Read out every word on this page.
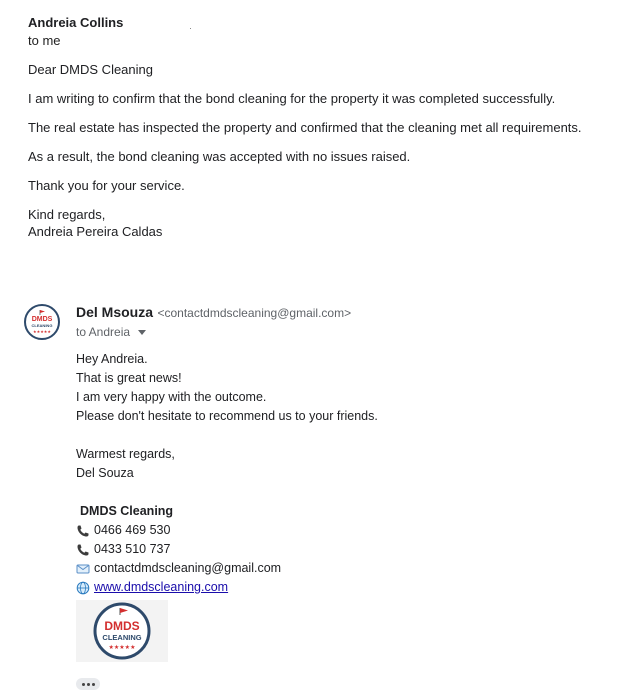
Andreia Collins
to me

Dear DMDS Cleaning

I am writing to confirm that the bond cleaning for the property it was completed successfully.

The real estate has inspected the property and confirmed that the cleaning met all requirements.

As a result, the bond cleaning was accepted with no issues raised.

Thank you for your service.

Kind regards,

Andreia Pereira Caldas

DMDS
CLEANING
★★★★★
Del Msouza <contactdmdscleaning@gmail.com>
to Andreia
Hey Andreia.
That is great news!
I am very happy with the outcome.
Please don't hesitate to recommend us to your friends.
Warmest regards,
Del Souza
DMDS Cleaning
0466 469 530
0433 510 737
contactdmdscleaning@gmail.com
www.dmdscleaning.com
DMDS
CLEANING
★★★★★
